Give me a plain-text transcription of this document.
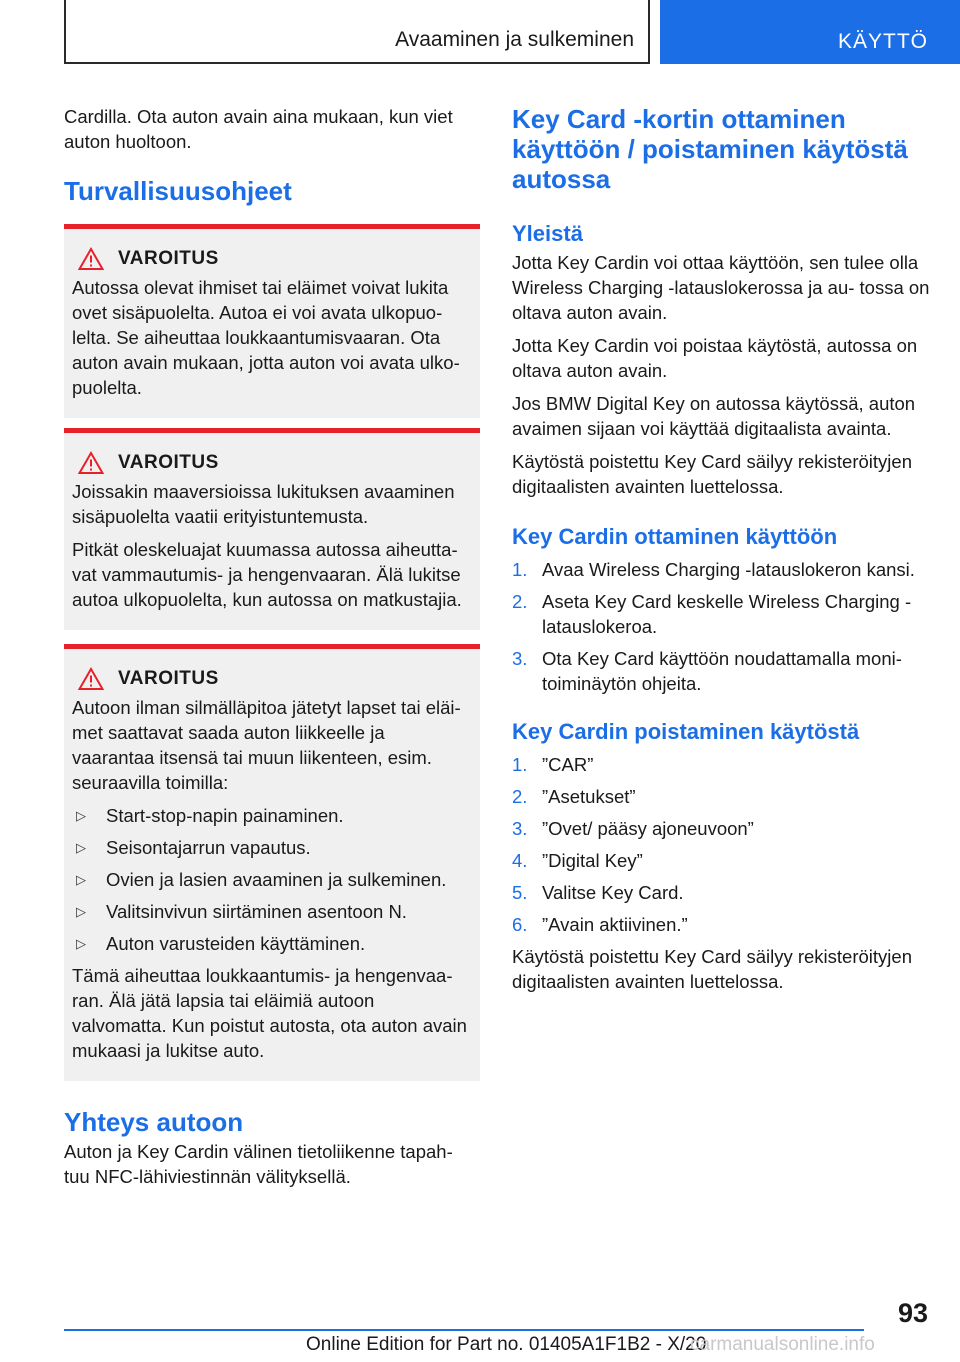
Avaaminen ja sulkeminen	KÄYTTÖ

Cardilla. Ota auton avain aina mukaan, kun viet auton huoltoon.

Turvallisuusohjeet
VAROITUS

Autossa olevat ihmiset tai eläimet voivat lukita ovet sisäpuolelta. Autoa ei voi avata ulkopuo- lelta. Se aiheuttaa loukkaantumisvaaran. Ota auton avain mukaan, jotta auton voi avata ulko- puolelta.

VAROITUS

Joissakin maaversioissa lukituksen avaaminen sisäpuolelta vaatii erityistuntemusta.

Pitkät oleskeluajat kuumassa autossa aiheutta- vat vammautumis- ja hengenvaaran. Älä lukitse autoa ulkopuolelta, kun autossa on matkustajia.

VAROITUS

Autoon ilman silmälläpitoa jätetyt lapset tai eläi- met saattavat saada auton liikkeelle ja vaarantaa itsensä tai muun liikenteen, esim. seuraavilla toimilla:

▷	Start-stop-napin painaminen.
▷	Seisontajarrun vapautus.
▷	Ovien ja lasien avaaminen ja sulkeminen.
▷	Valitsinvivun siirtäminen asentoon N.
▷	Auton varusteiden käyttäminen.

Tämä aiheuttaa loukkaantumis- ja hengenvaa- ran. Älä jätä lapsia tai eläimiä autoon valvomatta. Kun poistut autosta, ota auton avain mukaasi ja lukitse auto.

Yhteys autoon

Auton ja Key Cardin välinen tietoliikenne tapah- tuu NFC-lähiviestinnän välityksellä.

Key Card -kortin ottaminen käyttöön / poistaminen käytöstä autossa
Yleistä

Jotta Key Cardin voi ottaa käyttöön, sen tulee olla Wireless Charging -latauslokerossa ja au- tossa on oltava auton avain.

Jotta Key Cardin voi poistaa käytöstä, autossa on oltava auton avain.

Jos BMW Digital Key on autossa käytössä, auton avaimen sijaan voi käyttää digitaalista avainta.

Käytöstä poistettu Key Card säilyy rekisteröityjen digitaalisten avainten luettelossa.

Key Cardin ottaminen käyttöön
1. Avaa Wireless Charging -latauslokeron kansi.
2. Aseta Key Card keskelle Wireless Charging - latauslokeroa.
3. Ota Key Card käyttöön noudattamalla moni- toiminäytön ohjeita.
Key Cardin poistaminen käytöstä
1. ”CAR”
2. ”Asetukset”
3. ”Ovet/ pääsy ajoneuvoon”
4. ”Digital Key”
5. Valitse Key Card.
6. ”Avain aktiivinen.”

Käytöstä poistettu Key Card säilyy rekisteröityjen digitaalisten avainten luettelossa.

93
Online Edition for Part no. 01405A1F1B2 - X/20
carmanualsonline.info
